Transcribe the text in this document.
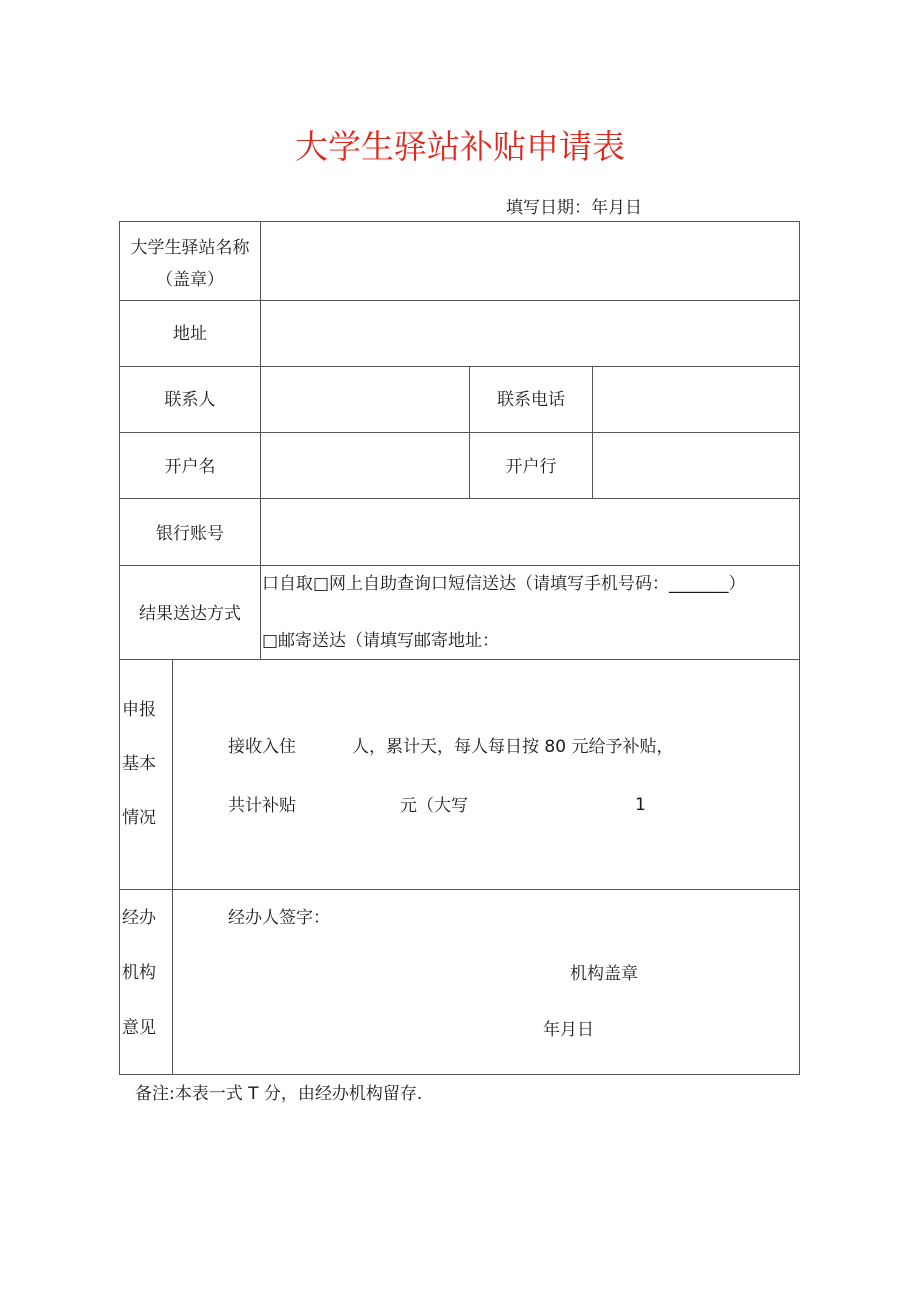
大学生驿站补贴申请表
填写日期：年月日
大学生驿站名称
（盖章）
地址
联系人	联系电话
开户名	开户行
银行账号
结果送达方式
口自取□网上自助查询口短信送达（请填写手机号码：_______）
□邮寄送达（请填写邮寄地址：
申报
基本
情况
接收入住	人，累计天，每人每日按 80 元给予补贴，
共计补贴	元（大写	1
经办
机构
意见
经办人签字：
机构盖章
年月日
备注:本表一式 T 分，由经办机构留存.
